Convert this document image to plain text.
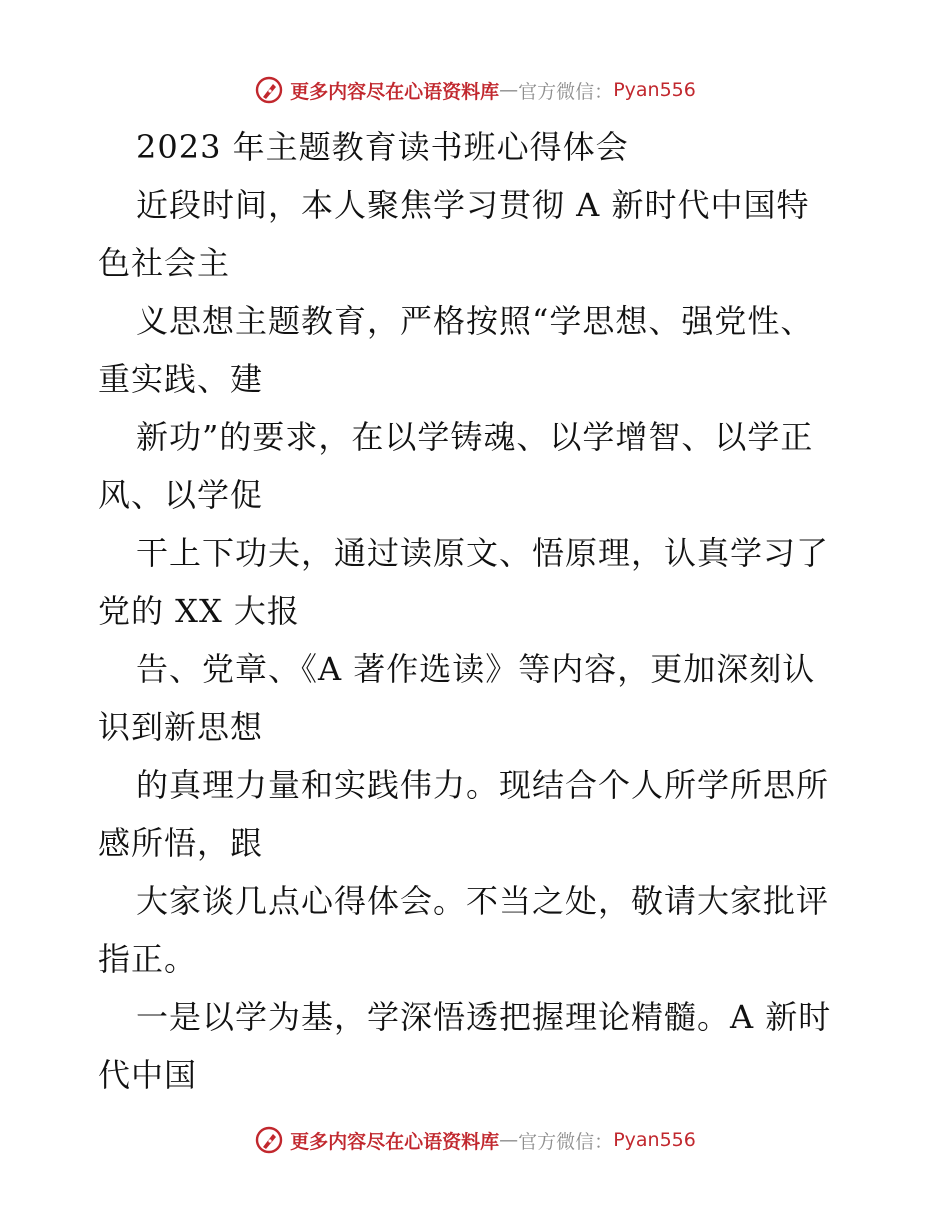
更多内容尽在心语资料库 — 官方微信： Pyan556

2023 年主题教育读书班心得体会

近段时间，本人聚焦学习贯彻 A 新时代中国特

色社会主

义思想主题教育，严格按照“学思想、强党性、

重实践、建

新功”的要求，在以学铸魂、以学增智、以学正

风、以学促

干上下功夫，通过读原文、悟原理，认真学习了

党的 XX 大报

告、党章、《A 著作选读》等内容，更加深刻认

识到新思想

的真理力量和实践伟力。现结合个人所学所思所

感所悟，跟

大家谈几点心得体会。不当之处，敬请大家批评

指正。

一是以学为基，学深悟透把握理论精髓。A 新时

代中国

更多内容尽在心语资料库 — 官方微信： Pyan556
